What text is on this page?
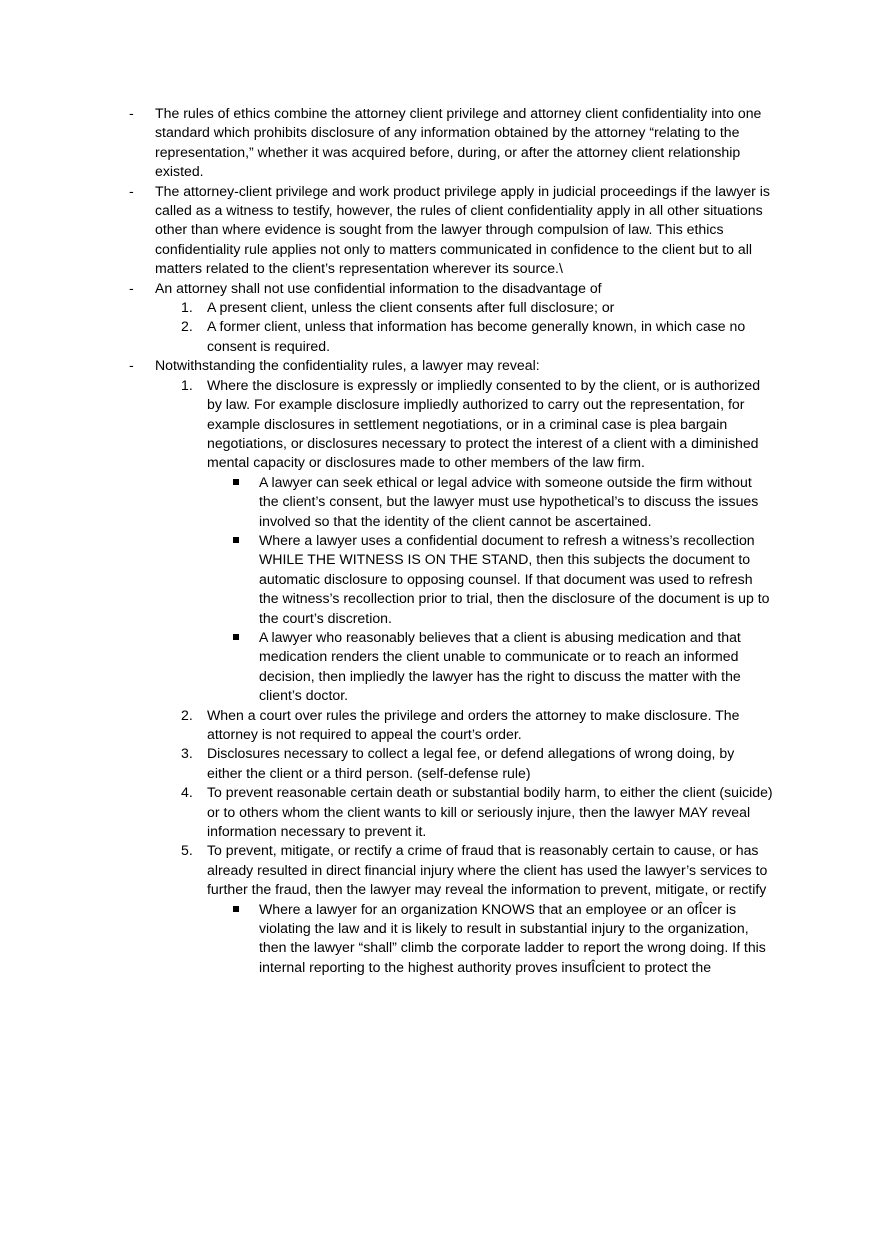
- The rules of ethics combine the attorney client privilege and attorney client confidentiality into one standard which prohibits disclosure of any information obtained by the attorney “relating to the representation,” whether it was acquired before, during, or after the attorney client relationship existed.
- The attorney-client privilege and work product privilege apply in judicial proceedings if the lawyer is called as a witness to testify, however, the rules of client confidentiality apply in all other situations other than where evidence is sought from the lawyer through compulsion of law. This ethics confidentiality rule applies not only to matters communicated in confidence to the client but to all matters related to the client’s representation wherever its source.\
- An attorney shall not use confidential information to the disadvantage of
1. A present client, unless the client consents after full disclosure; or
2. A former client, unless that information has become generally known, in which case no consent is required.
- Notwithstanding the confidentiality rules, a lawyer may reveal:
1. Where the disclosure is expressly or impliedly consented to by the client, or is authorized by law. For example disclosure impliedly authorized to carry out the representation, for example disclosures in settlement negotiations, or in a criminal case is plea bargain negotiations, or disclosures necessary to protect the interest of a client with a diminished mental capacity or disclosures made to other members of the law firm.
A lawyer can seek ethical or legal advice with someone outside the firm without the client’s consent, but the lawyer must use hypothetical’s to discuss the issues involved so that the identity of the client cannot be ascertained.
Where a lawyer uses a confidential document to refresh a witness’s recollection WHILE THE WITNESS IS ON THE STAND, then this subjects the document to automatic disclosure to opposing counsel. If that document was used to refresh the witness’s recollection prior to trial, then the disclosure of the document is up to the court’s discretion.
A lawyer who reasonably believes that a client is abusing medication and that medication renders the client unable to communicate or to reach an informed decision, then impliedly the lawyer has the right to discuss the matter with the client’s doctor.
2. When a court over rules the privilege and orders the attorney to make disclosure. The attorney is not required to appeal the court’s order.
3. Disclosures necessary to collect a legal fee, or defend allegations of wrong doing, by either the client or a third person. (self-defense rule)
4. To prevent reasonable certain death or substantial bodily harm, to either the client (suicide) or to others whom the client wants to kill or seriously injure, then the lawyer MAY reveal information necessary to prevent it.
5. To prevent, mitigate, or rectify a crime of fraud that is reasonably certain to cause, or has already resulted in direct financial injury where the client has used the lawyer’s services to further the fraud, then the lawyer may reveal the information to prevent, mitigate, or rectify
Where a lawyer for an organization KNOWS that an employee or an ofÎcer is violating the law and it is likely to result in substantial injury to the organization, then the lawyer “shall” climb the corporate ladder to report the wrong doing. If this internal reporting to the highest authority proves insufÎcient to protect the
